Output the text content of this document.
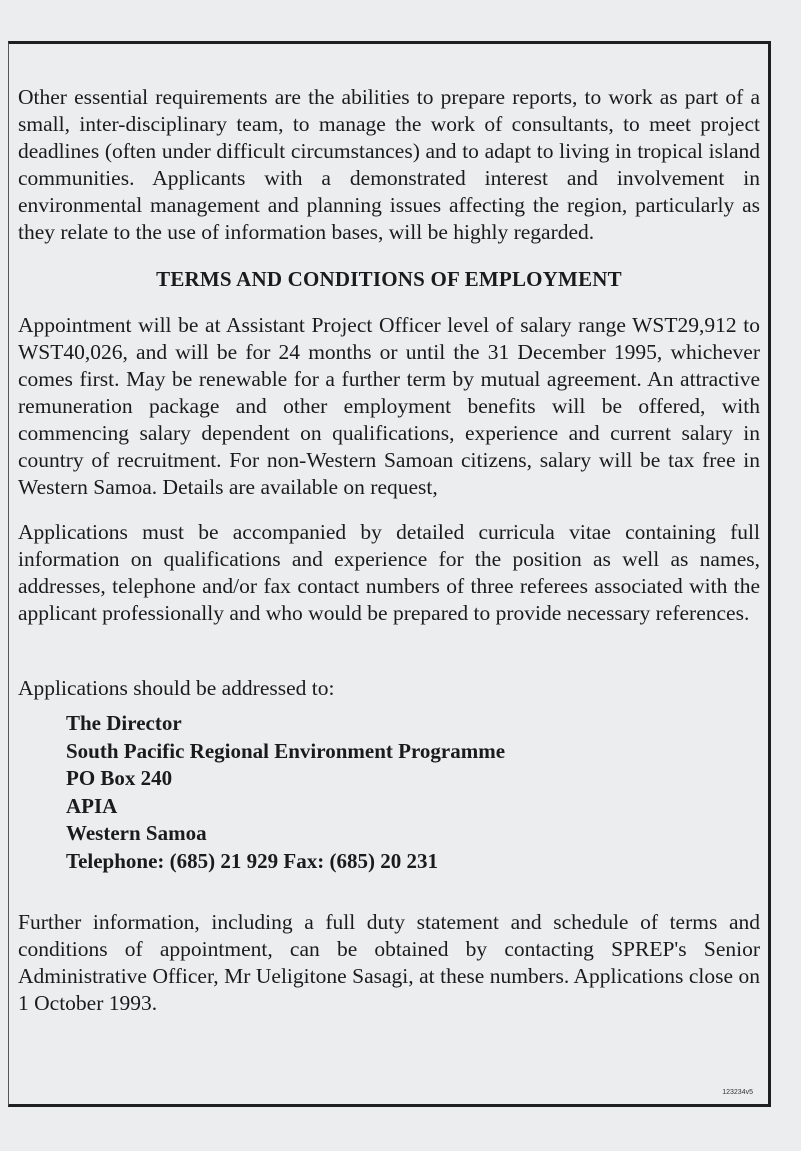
Other essential requirements are the abilities to prepare reports, to work as part of a small, inter-disciplinary team, to manage the work of consultants, to meet project deadlines (often under difficult circumstances) and to adapt to living in tropical island communities. Applicants with a demonstrated interest and involvement in environmental management and planning issues affecting the region, particularly as they relate to the use of information bases, will be highly regarded.

TERMS AND CONDITIONS OF EMPLOYMENT

Appointment will be at Assistant Project Officer level of salary range WST29,912 to WST40,026, and will be for 24 months or until the 31 December 1995, whichever comes first. May be renewable for a further term by mutual agreement. An attractive remuneration package and other employment benefits will be offered, with commencing salary dependent on qualifications, experience and current salary in country of recruitment. For non-Western Samoan citizens, salary will be tax free in Western Samoa. Details are available on request,

Applications must be accompanied by detailed curricula vitae containing full information on qualifications and experience for the position as well as names, addresses, telephone and/or fax contact numbers of three referees associated with the applicant professionally and who would be prepared to provide necessary references.

Applications should be addressed to:

The Director
South Pacific Regional Environment Programme
PO Box 240
APIA
Western Samoa
Telephone: (685) 21 929 Fax: (685) 20 231

Further information, including a full duty statement and schedule of terms and conditions of appointment, can be obtained by contacting SPREP's Senior Administrative Officer, Mr Ueligitone Sasagi, at these numbers. Applications close on 1 October 1993.

123234v5
